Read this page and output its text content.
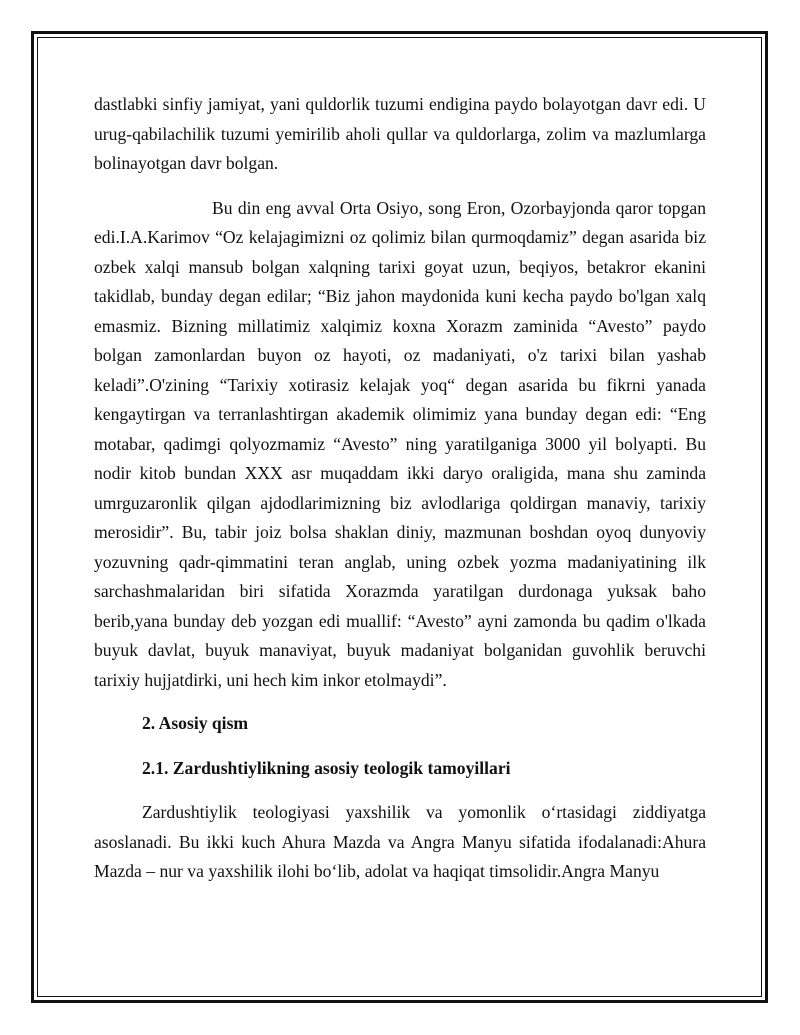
dastlabki sinfiy jamiyat, yani quldorlik tuzumi endigina paydo bolayotgan davr edi. U urug-qabilachilik tuzumi yemirilib aholi qullar va quldorlarga, zolim va mazlumlarga bolinayotgan davr bolgan.

Bu din eng avval Orta Osiyo, song Eron, Ozorbayjonda qaror topgan edi.I.A.Karimov “Oz kelajagimizni oz qolimiz bilan qurmoqdamiz” degan asarida biz ozbek xalqi mansub bolgan xalqning tarixi goyat uzun, beqiyos, betakror ekanini takidlab, bunday degan edilar; “Biz jahon maydonida kuni kecha paydo bo'lgan xalq emasmiz. Bizning millatimiz xalqimiz koxna Xorazm zaminida “Avesto” paydo bolgan zamonlardan buyon oz hayoti, oz madaniyati, o'z tarixi bilan yashab keladi”.O'zining “Tarixiy xotirasiz kelajak yoq“ degan asarida bu fikrni yanada kengaytirgan va terranlashtirgan akademik olimimiz yana bunday degan edi: “Eng motabar, qadimgi qolyozmamiz “Avesto” ning yaratilganiga 3000 yil bolyapti. Bu nodir kitob bundan XXX asr muqaddam ikki daryo oraligida, mana shu zaminda umrguzaronlik qilgan ajdodlarimizning biz avlodlariga qoldirgan manaviy, tarixiy merosidir”. Bu, tabir joiz bolsa shaklan diniy, mazmunan boshdan oyoq dunyoviy yozuvning qadr-qimmatini teran anglab, uning ozbek yozma madaniyatining ilk sarchashmalaridan biri sifatida Xorazmda yaratilgan durdonaga yuksak baho berib,yana bunday deb yozgan edi muallif: “Avesto” ayni zamonda bu qadim o'lkada buyuk davlat, buyuk manaviyat, buyuk madaniyat bolganidan guvohlik beruvchi tarixiy hujjatdirki, uni hech kim inkor etolmaydi”.

2. Asosiy qism

2.1. Zardushtiylikning asosiy teologik tamoyillari

Zardushtiylik teologiyasi yaxshilik va yomonlik o‘rtasidagi ziddiyatga asoslanadi. Bu ikki kuch Ahura Mazda va Angra Manyu sifatida ifodalanadi:Ahura Mazda – nur va yaxshilik ilohi bo‘lib, adolat va haqiqat timsolidir.Angra Manyu
